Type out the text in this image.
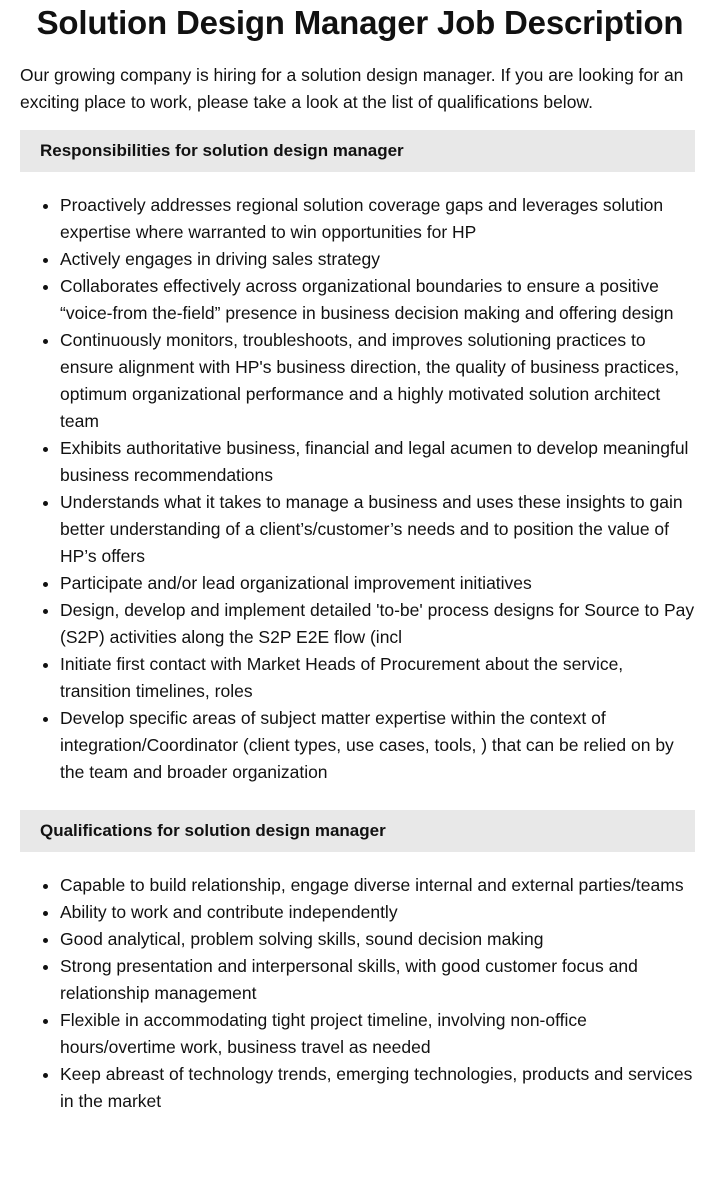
Solution Design Manager Job Description

Our growing company is hiring for a solution design manager. If you are looking for an exciting place to work, please take a look at the list of qualifications below.

Responsibilities for solution design manager
• Proactively addresses regional solution coverage gaps and leverages solution expertise where warranted to win opportunities for HP
• Actively engages in driving sales strategy
• Collaborates effectively across organizational boundaries to ensure a positive “voice-from the-field” presence in business decision making and offering design
• Continuously monitors, troubleshoots, and improves solutioning practices to ensure alignment with HP's business direction, the quality of business practices, optimum organizational performance and a highly motivated solution architect team
• Exhibits authoritative business, financial and legal acumen to develop meaningful business recommendations
• Understands what it takes to manage a business and uses these insights to gain better understanding of a client’s/customer’s needs and to position the value of HP’s offers
• Participate and/or lead organizational improvement initiatives
• Design, develop and implement detailed 'to-be' process designs for Source to Pay (S2P) activities along the S2P E2E flow (incl
• Initiate first contact with Market Heads of Procurement about the service, transition timelines, roles
• Develop specific areas of subject matter expertise within the context of integration/Coordinator (client types, use cases, tools, ) that can be relied on by the team and broader organization
Qualifications for solution design manager
• Capable to build relationship, engage diverse internal and external parties/teams
• Ability to work and contribute independently
• Good analytical, problem solving skills, sound decision making
• Strong presentation and interpersonal skills, with good customer focus and relationship management
• Flexible in accommodating tight project timeline, involving non-office hours/overtime work, business travel as needed
• Keep abreast of technology trends, emerging technologies, products and services in the market
